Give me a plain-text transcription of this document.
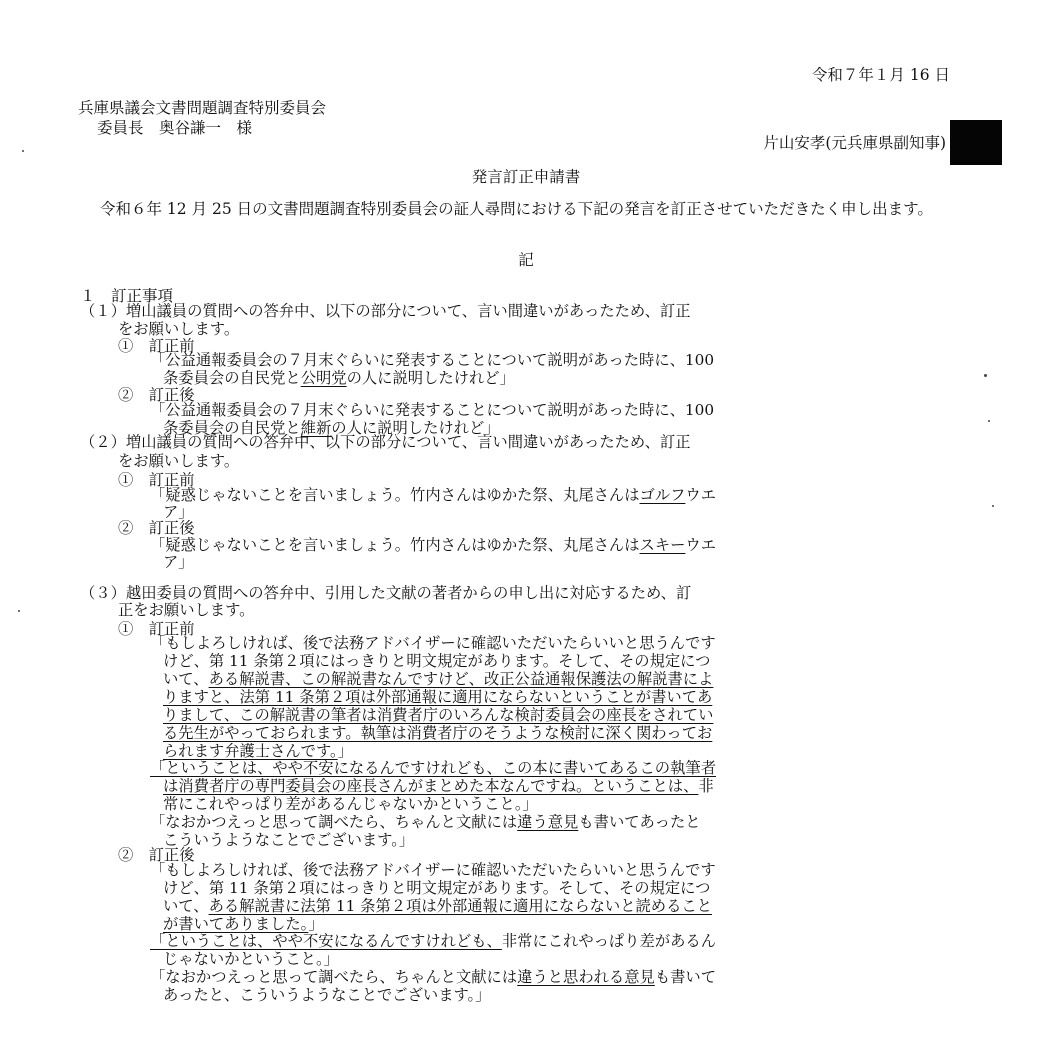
令和７年１月 16 日
兵庫県議会文書問題調査特別委員会
委員長　奥谷謙一　様
片山安孝(元兵庫県副知事)
発言訂正申請書
令和６年 12 月 25 日の文書問題調査特別委員会の証人尋問における下記の発言を訂正させていただきたく申し出ます。
記
１　訂正事項
（１）増山議員の質問への答弁中、以下の部分について、言い間違いがあったため、訂正
をお願いします。
①　訂正前
「公益通報委員会の７月末ぐらいに発表することについて説明があった時に、100
条委員会の自民党と公明党の人に説明したけれど」
②　訂正後
「公益通報委員会の７月末ぐらいに発表することについて説明があった時に、100
条委員会の自民党と維新の人に説明したけれど」
（２）増山議員の質問への答弁中、以下の部分について、言い間違いがあったため、訂正
をお願いします。
①　訂正前
「疑惑じゃないことを言いましょう。竹内さんはゆかた祭、丸尾さんはゴルフウエ
ア」
②　訂正後
「疑惑じゃないことを言いましょう。竹内さんはゆかた祭、丸尾さんはスキーウエ
ア」
（３）越田委員の質問への答弁中、引用した文献の著者からの申し出に対応するため、訂
正をお願いします。
①　訂正前
「もしよろしければ、後で法務アドバイザーに確認いただいたらいいと思うんです
けど、第 11 条第２項にはっきりと明文規定があります。そして、その規定につ
いて、ある解説書、この解説書なんですけど、改正公益通報保護法の解説書によ
りますと、法第 11 条第２項は外部通報に適用にならないということが書いてあ
りまして、この解説書の筆者は消費者庁のいろんな検討委員会の座長をされてい
る先生がやっておられます。執筆は消費者庁のそうような検討に深く関わってお
られます弁護士さんです。」
「ということは、やや不安になるんですけれども、この本に書いてあるこの執筆者
は消費者庁の専門委員会の座長さんがまとめた本なんですね。ということは、非
常にこれやっぱり差があるんじゃないかということ。」
「なおかつえっと思って調べたら、ちゃんと文献には違う意見も書いてあったと
こういうようなことでございます。」
②　訂正後
「もしよろしければ、後で法務アドバイザーに確認いただいたらいいと思うんです
けど、第 11 条第２項にはっきりと明文規定があります。そして、その規定につ
いて、ある解説書に法第 11 条第２項は外部通報に適用にならないと読めること
が書いてありました。」
「ということは、やや不安になるんですけれども、非常にこれやっぱり差があるん
じゃないかということ。」
「なおかつえっと思って調べたら、ちゃんと文献には違うと思われる意見も書いて
あったと、こういうようなことでございます。」
